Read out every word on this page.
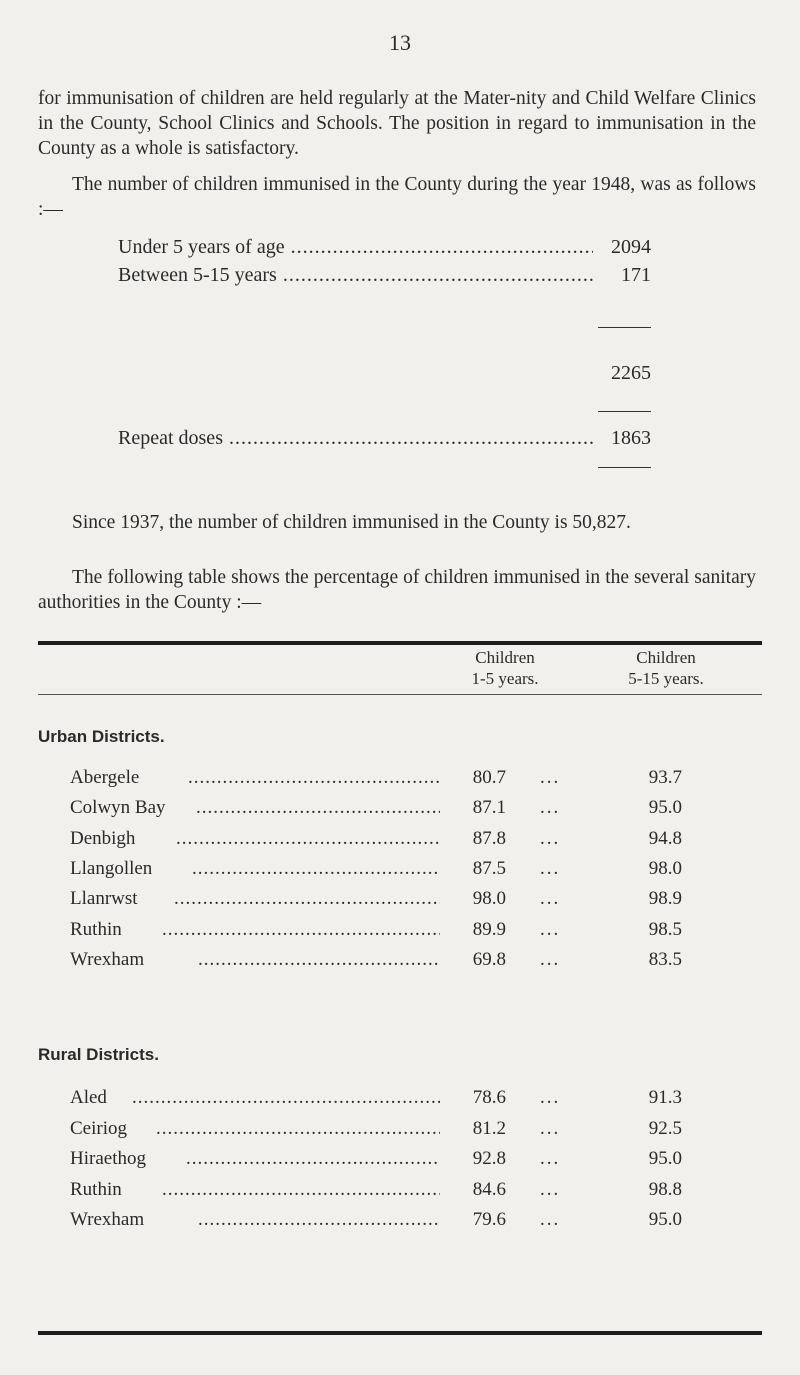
13
for immunisation of children are held regularly at the Mater-nity and Child Welfare Clinics in the County, School Clinics and Schools. The position in regard to immunisation in the County as a whole is satisfactory.
The number of children immunised in the County during the year 1948, was as follows :—
Under 5 years of age .....	2094
Between 5-15 years .....	171
2265
Repeat doses .....	1863
Since 1937, the number of children immunised in the County is 50,827.
The following table shows the percentage of children immunised in the several sanitary authorities in the County :—
Children
1-5 years.
Children
5-15 years.
Urban Districts.
Abergele .....	80.7 ...	93.7
Colwyn Bay .....	87.1 ...	95.0
Denbigh .....	87.8 ...	94.8
Llangollen .....	87.5 ...	98.0
Llanrwst .....	98.0 ...	98.9
Ruthin .....	89.9 ...	98.5
Wrexham .....	69.8 ...	83.5
Rural Districts.
Aled .....	78.6 ...	91.3
Ceiriog .....	81.2 ...	92.5
Hiraethog .....	92.8 ...	95.0
Ruthin .....	84.6 ...	98.8
Wrexham .....	79.6 ...	95.0
